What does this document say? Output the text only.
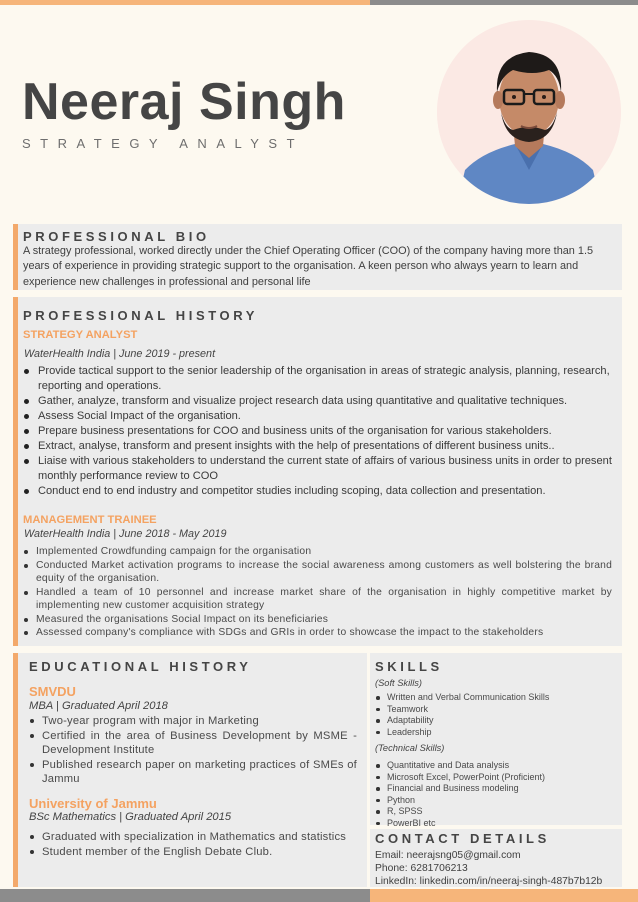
Neeraj Singh
STRATEGY ANALYST
PROFESSIONAL BIO
A strategy professional, worked directly under the Chief Operating Officer (COO) of the company having more than 1.5 years of experience in providing strategic support to the organisation. A keen person who always yearn to learn and experience new challenges in professional and personal life
PROFESSIONAL HISTORY
STRATEGY ANALYST
WaterHealth India | June 2019 - present
Provide tactical support to the senior leadership of the organisation in areas of strategic analysis, planning, research, reporting and operations.
Gather, analyze, transform and visualize project research data using quantitative and qualitative techniques.
Assess Social Impact of the organisation.
Prepare business presentations for COO and business units of the organisation for various stakeholders.
Extract, analyse, transform and present insights with the help of presentations of different business units..
Liaise with various stakeholders to understand the current state of affairs of various business units in order to present monthly performance review to COO
Conduct end to end industry and competitor studies including scoping, data collection and presentation.
MANAGEMENT TRAINEE
WaterHealth India | June 2018 - May 2019
Implemented Crowdfunding campaign for the organisation
Conducted Market activation programs to increase the social awareness among customers as well bolstering the brand equity of the organisation.
Handled a team of 10 personnel and increase market share of the organisation in highly competitive market by implementing new customer acquisition strategy
Measured the organisations Social Impact on its beneficiaries
Assessed company's compliance with SDGs and GRIs in order to showcase the impact to the stakeholders
EDUCATIONAL HISTORY
SMVDU
MBA | Graduated April 2018
Two-year program with major in Marketing
Certified in the area of Business Development by MSME - Development Institute
Published research paper on marketing practices of SMEs of Jammu
University of Jammu
BSc Mathematics | Graduated April 2015
Graduated with specialization in Mathematics and statistics
Student member of the English Debate Club.
SKILLS
(Soft Skills)
Written and Verbal Communication Skills
Teamwork
Adaptability
Leadership
(Technical Skills)
Quantitative and Data analysis
Microsoft Excel, PowerPoint (Proficient)
Financial and Business modeling
Python
R, SPSS
PowerBI etc
CONTACT DETAILS
Email: neerajsng05@gmail.com
Phone: 6281706213
LinkedIn: linkedin.com/in/neeraj-singh-487b7b12b
